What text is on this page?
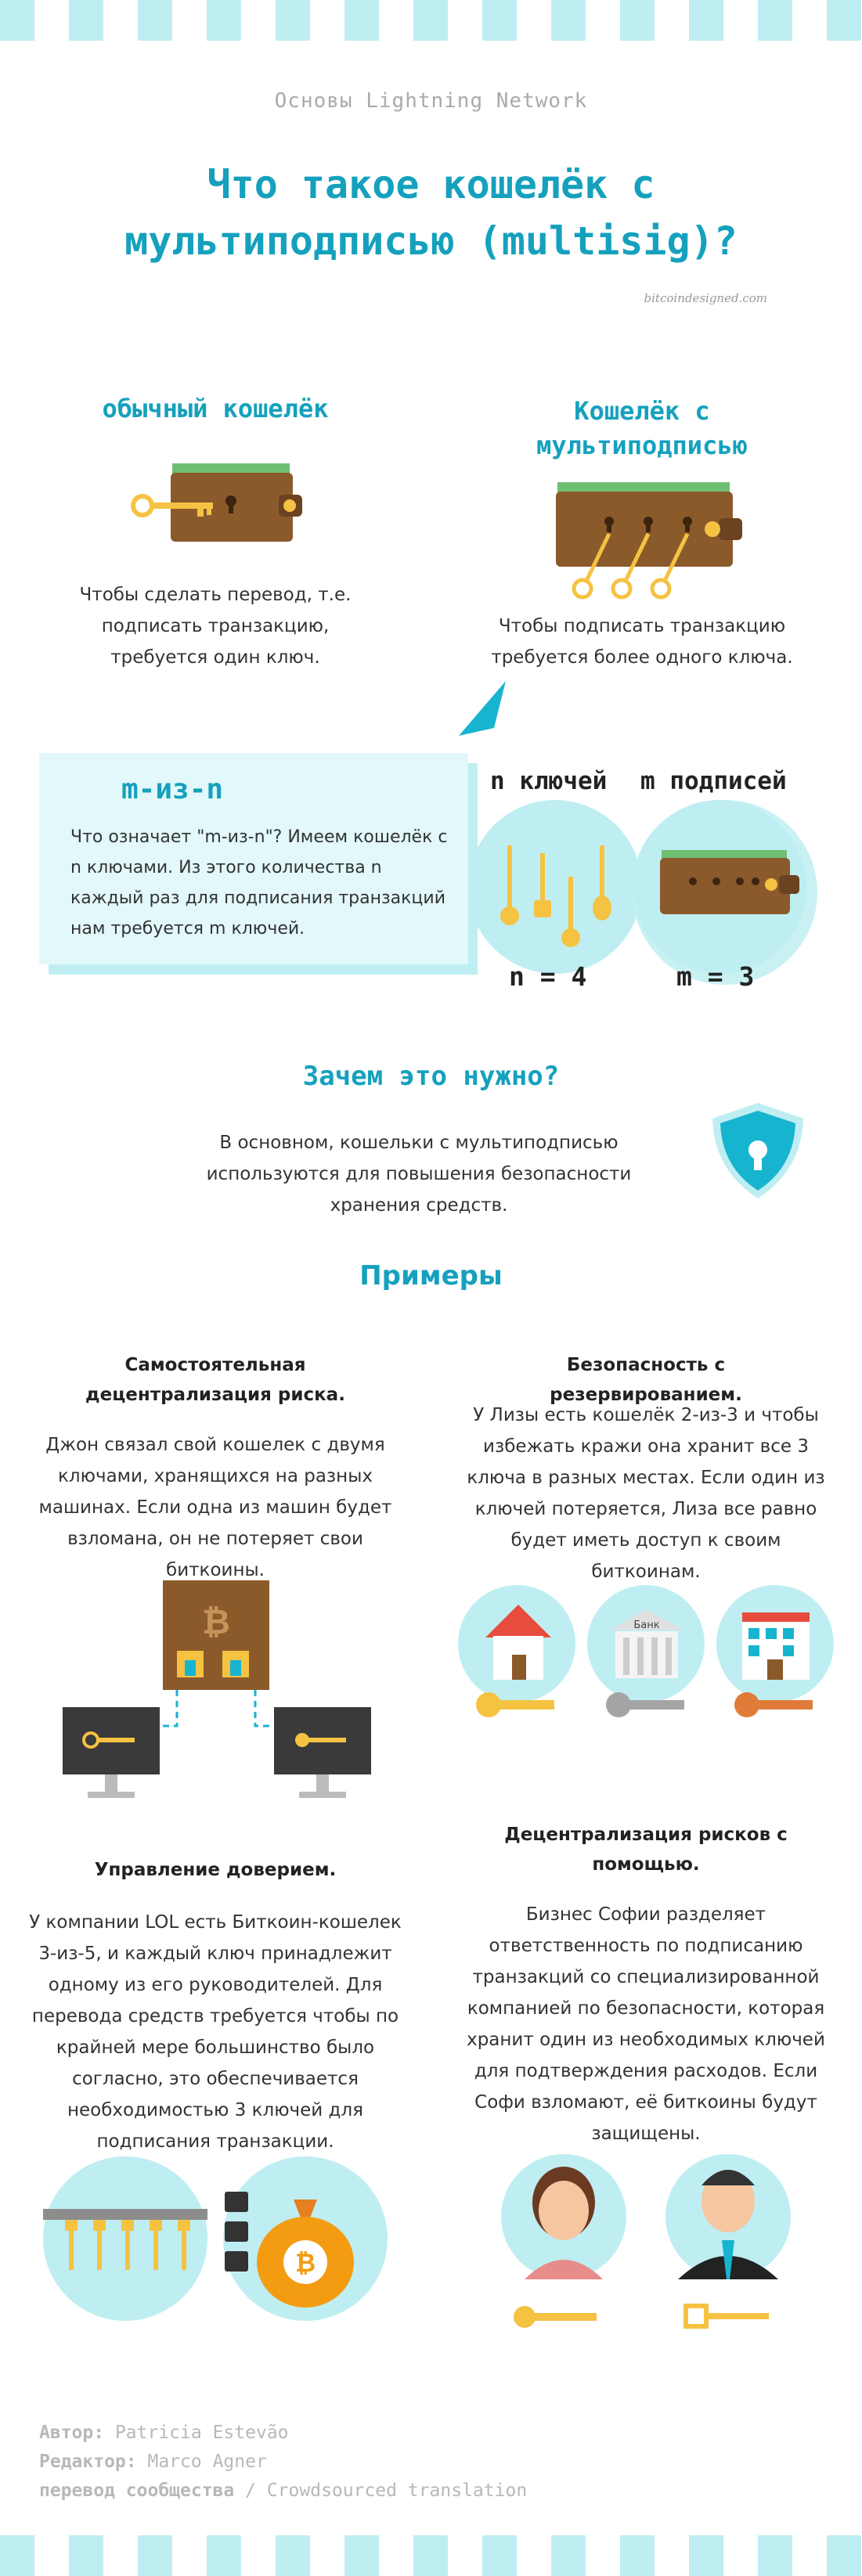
Основы Lightning Network
Что такое кошелёк с
мультиподписью (multisig)?
bitcoindesigned.com
обычный кошелёк
Чтобы сделать перевод, т.е. подписать транзакцию, требуется один ключ.
Кошелёк с мультиподписью
Чтобы подписать транзакцию требуется более одного ключа.
m-из-n
Что означает "m-из-n"? Имеем кошелёк с n ключами. Из этого количества n каждый раз для подписания транзакций нам требуется m ключей.
n ключей m подписей
n = 4	m = 3
Зачем это нужно?
В основном, кошельки с мультиподписью используются для повышения безопасности хранения средств.
Примеры
Самостоятельная децентрализация риска.
Джон связал свой кошелек с двумя ключами, хранящихся на разных машинах. Если одна из машин будет взломана, он не потеряет свои биткоины.
₿
Безопасность с резервированием.
У Лизы есть кошелёк 2-из-3 и чтобы избежать кражи она хранит все 3 ключа в разных местах. Если один из ключей потеряется, Лиза все равно будет иметь доступ к своим биткоинам.
Банк
Управление доверием.
У компании LOL есть Биткоин-кошелек 3-из-5, и каждый ключ принадлежит одному из его руководителей. Для перевода средств требуется чтобы по крайней мере большинство было согласно, это обеспечивается необходимостью 3 ключей для подписания транзакции.
₿
Децентрализация рисков с помощью.
Бизнес Софии разделяет ответственность по подписанию транзакций со специализированной компанией по безопасности, которая хранит один из необходимых ключей для подтверждения расходов. Если Софи взломают, её биткоины будут защищены.
Автор: Patricia Estevão
Редактор: Marco Agner
перевод сообщества / Crowdsourced translation
